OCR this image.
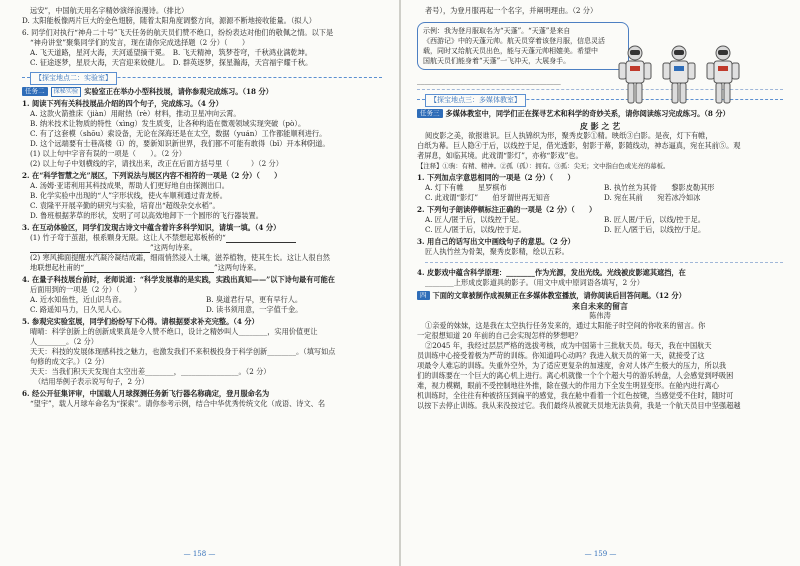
远安”，中国航天用名字精妙演绎浪漫诗。（排比）

D. 太阳能板像两片巨大的金色翅膀，随着太阳角度调整方向，源源不断地接收能量。（拟人）

6. 同学们对执行“神舟二十号”飞天任务的航天员们赞不绝口，纷纷表达对他们的敬佩之情。以下是

“神舟讲堂”聚集同学们的发言，现在请你完成选择题（2 分）（　　）

A. 飞天道路，星河大海，天河遥望摘干冕。　B. 飞天精神，筑梦苍穹，千秋鸿业满乾坤。

C. 征途逐梦，星辰大海，天宫迎来姣健儿。　D. 群英逐梦，探星瀚海，天宫福宇耀千秋。

【探宝地点二：实验室】
任务二	探秘实验 实验室正在举办小型科技展，请你参观完成练习。（18 分）

1. 阅读下列有关科技展品介绍的四个句子，完成练习。（4 分）

A. 这款火箭推床（jiàn）用耐热（rè）材料，推动卫星冲向云霄。

B. 纳米技术让物质的特性（xìng）发生质变，让各种构造在微观领域实现突破（pò）。

C. 有了这套模（shōu）索设备，无论在深海还是在太空，数据（yuán）工作都能顺利进行。

D. 这个远端要有士巷高楼（ǐ）的，要新知识新世界，我们都不可能有敢得（bǐ）开本种阴道。

(1) 以上句中字音有误的一项是（　　）。（2 分）

(2) 以上句子中划横线的字，请找出来，改正在后面方括号里（　　　）（2 分）

2. 在“科学智慧之光”展区，下列说法与展区内容不相符的一项是（2 分）（　　）

A. 汤姆·亚诺利用其科技成果，帮助人们更好地自由探测出口。

B. 化学实验中出现的“人”字形状线，使火车顺利通过青龙桥。

C. 袁隆平开展辛勤的研究与实验，培育出“超级杂交水稻”。

D. 鲁班根据茅草的形状，发明了可以高效地卸下一个圆形的飞行器装置。

3. 在互动体验区，同学们发现古诗文中蕴含着许多科学知识，请填一填。（4 分）

(1) 竹子弯于茧甜，根系颗身无限。这让人不禁想起郑板桥的“

”这两句诗来。

(2) 寒风拂面提醒水汽凝冷凝结成霜，细雨悄然浸入土壤，滋养植物，使其生长。这让人很自然

地联想起杜甫的“	”这两句诗来。

4. 在量子科技展台前时，老师说道：“科学发展靠的是实践，实践出真知——”以下诗句最有可能在

后面用到的一项是（2 分）（　　）

A. 近水知鱼性，近山识鸟音。	B. 臭道君行早，更有早行人。
C. 路遥知马力，日久见人心。	D. 读书须用意，一字值千金。

5. 参观完实验室展，同学们纷纷写下心得。请根据要求补充完整。（4 分）

晴晴：科学创新上的创新成果真是令人赞不绝口，设计之精妙叫人________，实用价值更让

人________。（2 分）

天天：科技的发展体现感科技之魅力，也激发我们不来积极投身于科学创新________。（填写如点

句修的成文字。）（2 分）

天天：当我们积天天发现自太空出差________，________________。（2 分）

（结用举例子表示说写句子，2 分）

6. 经公开征集评审，中国载人月球探测任务新飞行器名称确定，登月服命名为

“望宇”，载人月球车命名为“探索”。请你参考示例，结合中华优秀传统文化（成语、诗文、名

— 158 —

者号），为登月服再起一个名字，并阐明理由。（2 分）

示例：我为登月服取名为“天蓬”。“天蓬”是来自

《西游记》中的天蓬元帅。航天员穿着该登月服，信息灵活

载，同时又给航天员出色，能与天蓬元帅相媲美。希望中

国航天员们能身着“天蓬”一飞冲天，大展身手。

________________________________________

【探宝地点三：多媒体教室】
任务三 多媒体教室中，同学们正在探寻艺术和科学的奇妙关系，请你阅读练习完成练习。（8 分）

皮 影 之 艺

阅皮影之美，欲报谁识。巨人执锦织为形，聚秀皮影①精。映纸③白影。是夜，灯下有帷，

白纸为幕。巨人隐④于后，以线控于足，借光透影，射影于幕，影随线动，神态逼真，宛在其前⑤。观

者屏息，如临其境。此戏谓“影灯”，亦称“影戏”也。

【注释】①驹：有精、精神。②孤（孤）：拥有。③孤：尖无；文中指白色或光亮的幕板。

1. 下列加点字意思相同的一项是（2 分）（　　）

A. 灯下有帷　　星罗棋布	B. 执竹丝为其骨　　黎影皮勒其形
C. 此戏谓“影灯”　　伯牙谓世再无知音	D. 宛在其前　　宛若冰冷如冰

2. 下列句子朗读停顿标注正确的一项是（2 分）（　　）

A. 匠人/匿于后，以线控于足。	B. 匠人匿/于后，以线/控于足。
C. 匠人/匿于后，以线/控于足。	D. 匠人/匿于后，以线控/于足。

3. 用自己的话写出文中画线句子的意思。（2 分）

匠人执竹丝为骨架，聚秀皮影精，绘以五彩。

4. 皮影戏中蕴含科学原理：________作为光源，发出光线。光线被皮影遮其遮挡，在

________上形成皮影道具的影子。（用文中成中原词语各填写，2 分）

四 下面的文章被制作成视频正在多媒体教室播放，请你阅读后回答问题。（12 分）

来自未来的留言

陈伟涛

①亲爱的妹妹，这是我在太空执行任务发来的，通过太阳能子时空间的你收来的留言。你

一定很想知道 20 年前的自己会实现怎样的梦想吧？

②2045 年，我经过层层严格的选拔考核，成为中国第十三批航天员。每天，我在中国航天

员训练中心接受着极为严苛的训练。你知道吗心动吗？我进入航天员的第一天，就接受了这

项最令人难忘的训练。失重外空外，为了适应更复杂的加速度，舍对人体产生极大的压力，所以我

们的训练要在一个巨大的离心机上进行。离心机就像一个个个超大号的游乐转盘，人会感觉到呼吸困

难，视力模糊，眼前不受控制地往外推，除在强大的作用力下全发生明显变形。在舱内进行离心

机训练时，全往往有种被挤压到扁平的感觉，我在舱中看着一个红色按键，当感觉受不住时，随时可

以按下去停止训练。我从来没按过它。我们最终从被就天员地无法负荷，我是一个航天员目中坚强超越

— 159 —
